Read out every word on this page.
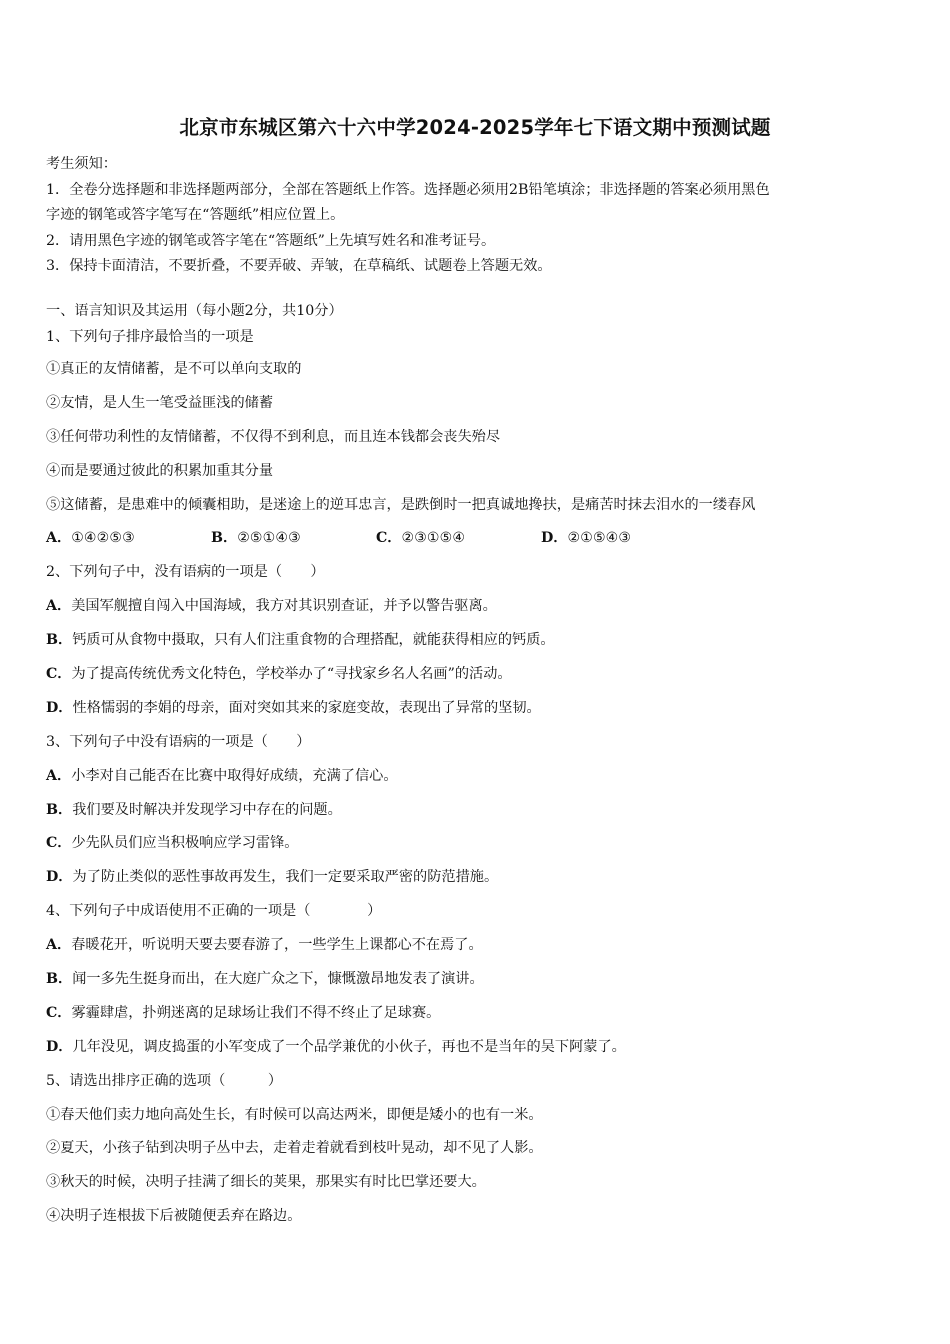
北京市东城区第六十六中学2024-2025学年七下语文期中预测试题

考生须知：

1．全卷分选择题和非选择题两部分，全部在答题纸上作答。选择题必须用2B铅笔填涂；非选择题的答案必须用黑色

字迹的钢笔或答字笔写在“答题纸”相应位置上。

2．请用黑色字迹的钢笔或答字笔在“答题纸”上先填写姓名和准考证号。

3．保持卡面清洁，不要折叠，不要弄破、弄皱，在草稿纸、试题卷上答题无效。

一、语言知识及其运用（每小题2分，共10分）
1、下列句子排序最恰当的一项是
①真正的友情储蓄，是不可以单向支取的
②友情，是人生一笔受益匪浅的储蓄
③任何带功利性的友情储蓄，不仅得不到利息，而且连本钱都会丧失殆尽
④而是要通过彼此的积累加重其分量
⑤这储蓄，是患难中的倾囊相助，是迷途上的逆耳忠言，是跌倒时一把真诚地搀扶，是痛苦时抹去泪水的一缕春风
A．①④②⑤③	B．②⑤①④③	C．②③①⑤④	D．②①⑤④③
2、下列句子中，没有语病的一项是（　　）
A．美国军舰擅自闯入中国海域，我方对其识别查证，并予以警告驱离。
B．钙质可从食物中摄取，只有人们注重食物的合理搭配，就能获得相应的钙质。
C．为了提高传统优秀文化特色，学校举办了“寻找家乡名人名画”的活动。
D．性格懦弱的李娟的母亲，面对突如其来的家庭变故，表现出了异常的坚韧。
3、下列句子中没有语病的一项是（　　）
A．小李对自己能否在比赛中取得好成绩，充满了信心。
B．我们要及时解决并发现学习中存在的问题。
C．少先队员们应当积极响应学习雷锋。
D．为了防止类似的恶性事故再发生，我们一定要采取严密的防范措施。
4、下列句子中成语使用不正确的一项是（　　　　）
A．春暖花开，听说明天要去要春游了，一些学生上课都心不在焉了。
B．闻一多先生挺身而出，在大庭广众之下，慷慨激昂地发表了演讲。
C．雾霾肆虐，扑朔迷离的足球场让我们不得不终止了足球赛。
D．几年没见，调皮捣蛋的小军变成了一个品学兼优的小伙子，再也不是当年的吴下阿蒙了。
5、请选出排序正确的选项（　　　）
①春天他们卖力地向高处生长，有时候可以高达两米，即便是矮小的也有一米。
②夏天，小孩子钻到决明子丛中去，走着走着就看到枝叶晃动，却不见了人影。
③秋天的时候，决明子挂满了细长的荚果，那果实有时比巴掌还要大。
④决明子连根拔下后被随便丢弃在路边。
